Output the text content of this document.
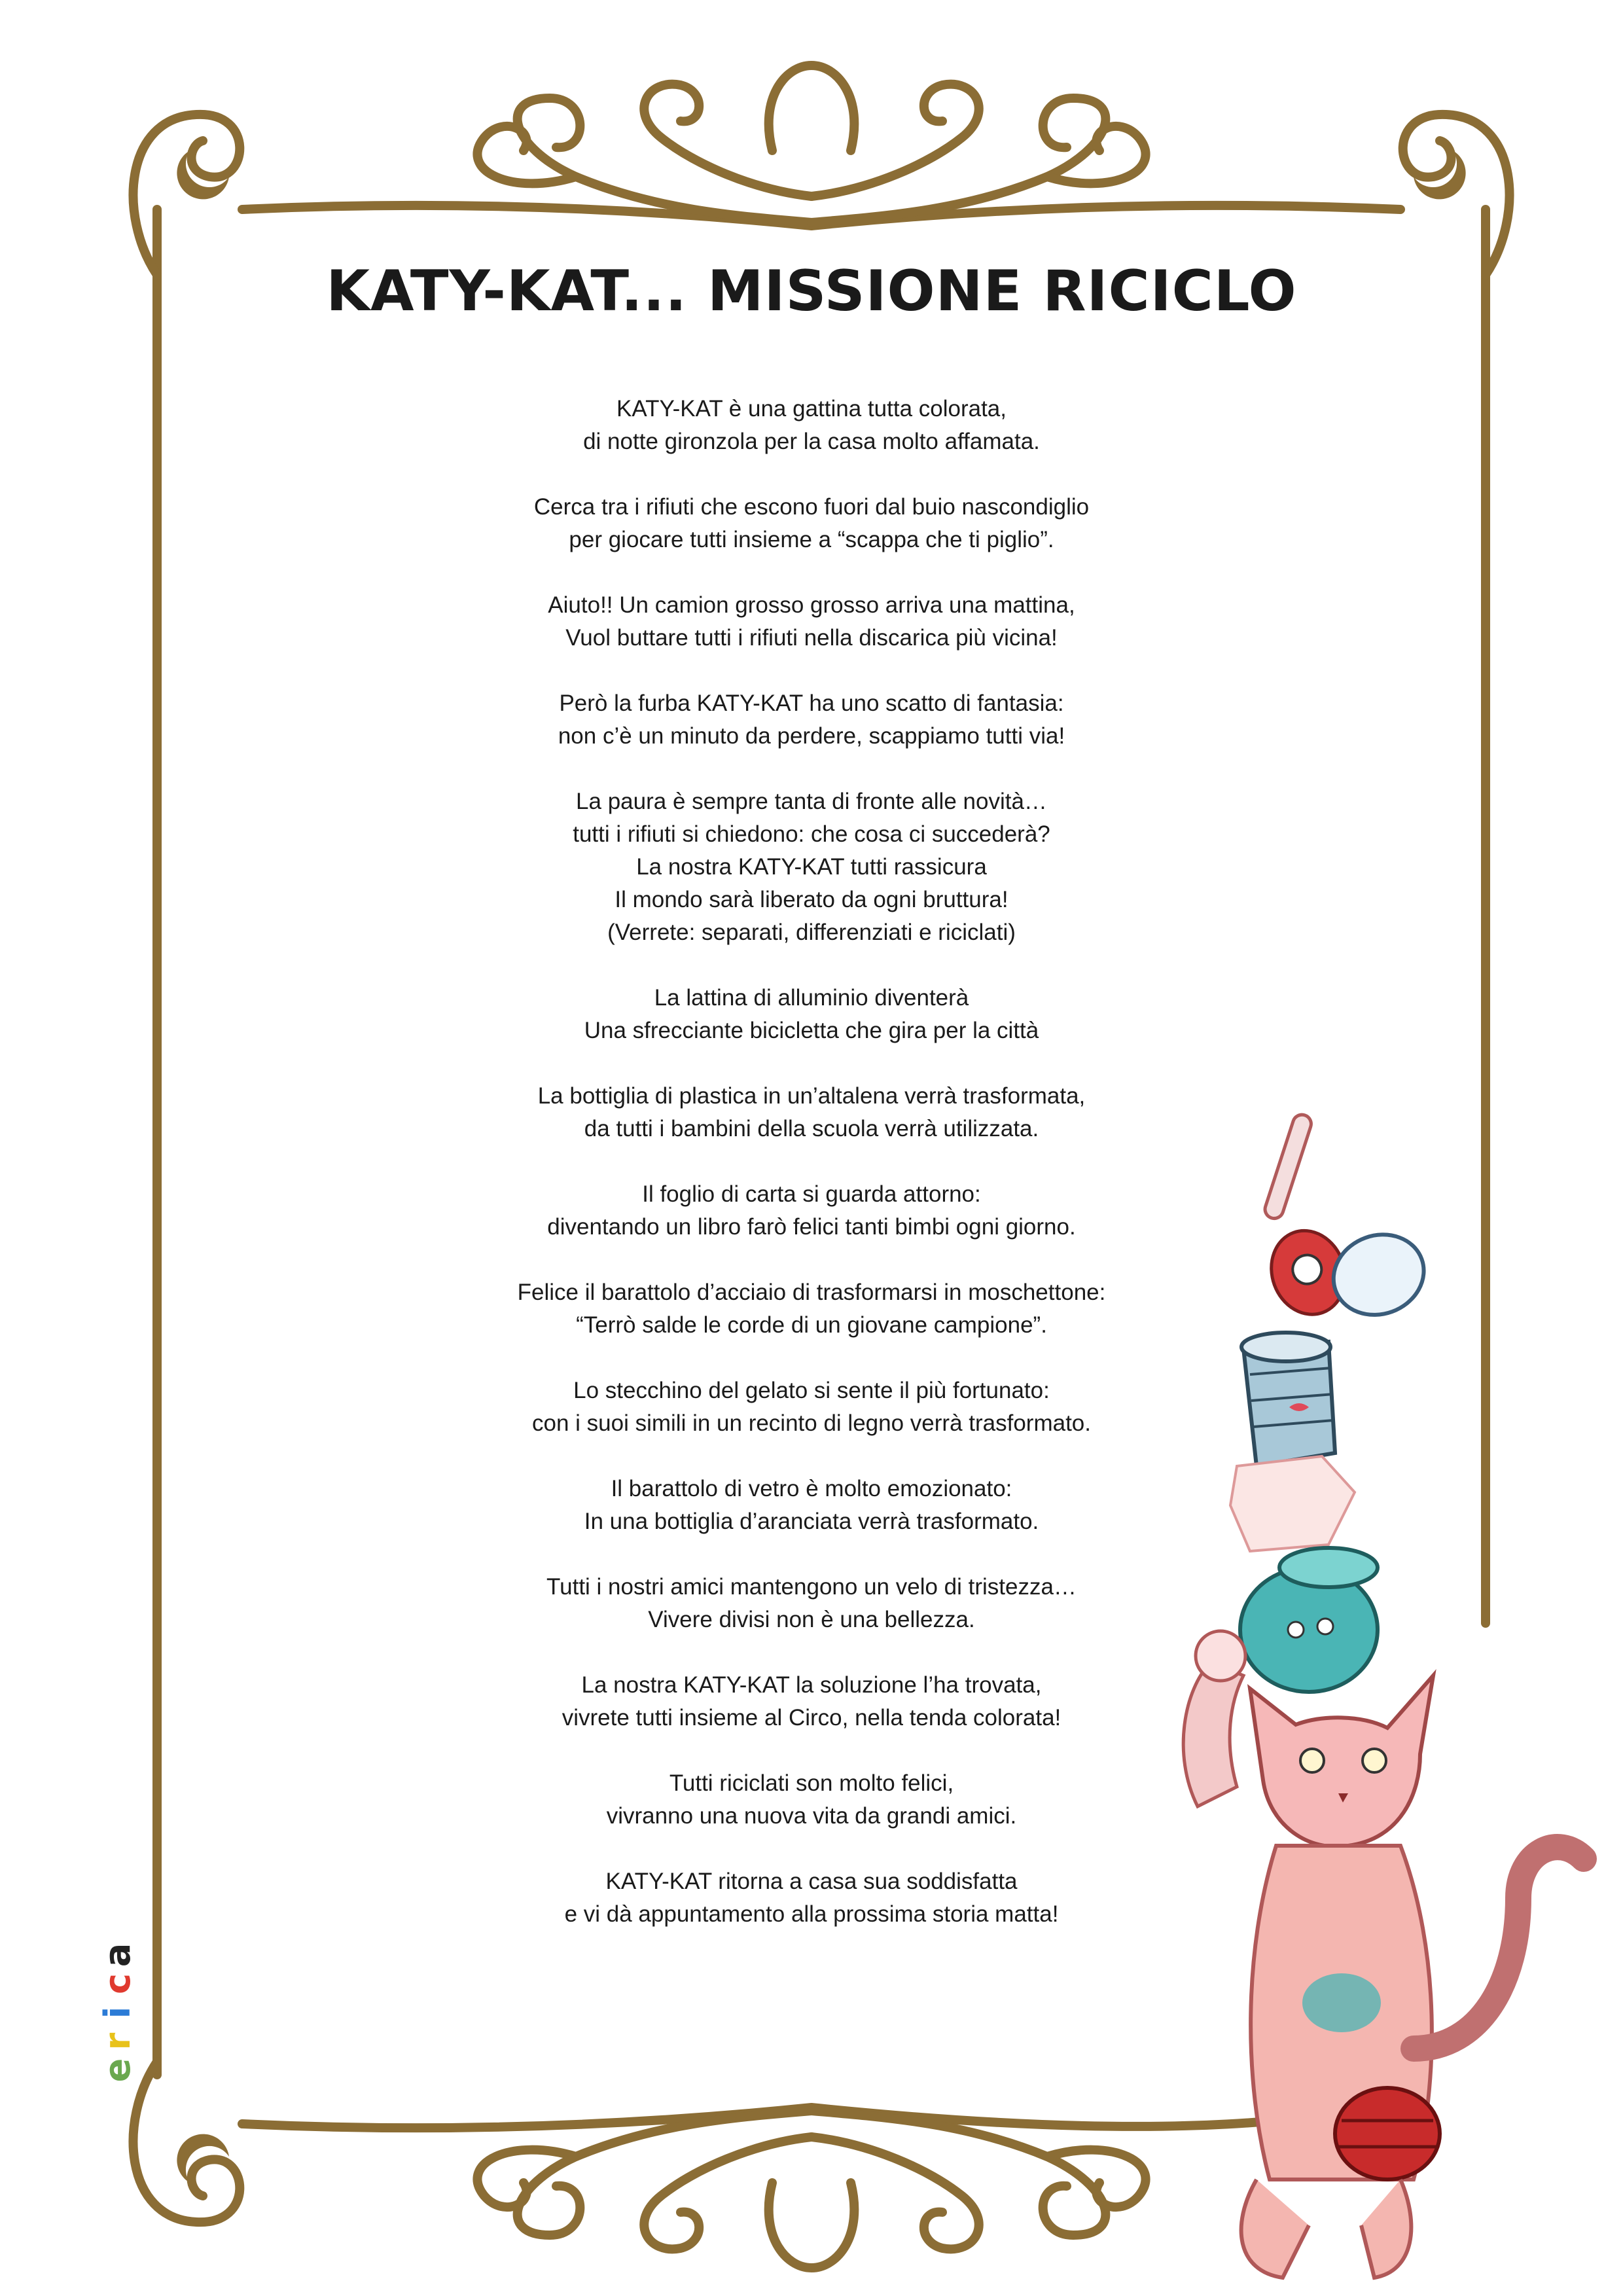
KATY-KAT... MISSIONE RICICLO

KATY-KAT è una gattina tutta colorata,
di notte gironzola per la casa molto affamata.

Cerca tra i rifiuti che escono fuori dal buio nascondiglio
per giocare tutti insieme a “scappa che ti piglio”.

Aiuto!! Un camion grosso grosso arriva una mattina,
Vuol buttare tutti i rifiuti nella discarica più vicina!

Però la furba KATY-KAT ha uno scatto di fantasia:
non c’è un minuto da perdere, scappiamo tutti via!

La paura è sempre tanta di fronte alle novità…
tutti i rifiuti si chiedono: che cosa ci succederà?
La nostra KATY-KAT tutti rassicura
Il mondo sarà liberato da ogni bruttura!
(Verrete: separati, differenziati e riciclati)

La lattina di alluminio diventerà
Una sfrecciante bicicletta che gira per la città

La bottiglia di plastica in un’altalena verrà trasformata,
da tutti i bambini della scuola verrà utilizzata.

Il foglio di carta si guarda attorno:
diventando un libro farò felici tanti bimbi ogni giorno.

Felice il barattolo d’acciaio di trasformarsi in moschettone:
“Terrò salde le corde di un giovane campione”.

Lo stecchino del gelato si sente il più fortunato:
con i suoi simili in un recinto di legno verrà trasformato.

Il barattolo di vetro è molto emozionato:
In una bottiglia d’aranciata verrà trasformato.

Tutti i nostri amici mantengono un velo di tristezza…
Vivere divisi non è una bellezza.

La nostra KATY-KAT la soluzione l’ha trovata,
vivrete tutti insieme al Circo, nella tenda colorata!

Tutti riciclati son molto felici,
vivranno una nuova vita da grandi amici.

KATY-KAT ritorna a casa sua soddisfatta
e vi dà appuntamento alla prossima storia matta!

e
r
i
c
a
